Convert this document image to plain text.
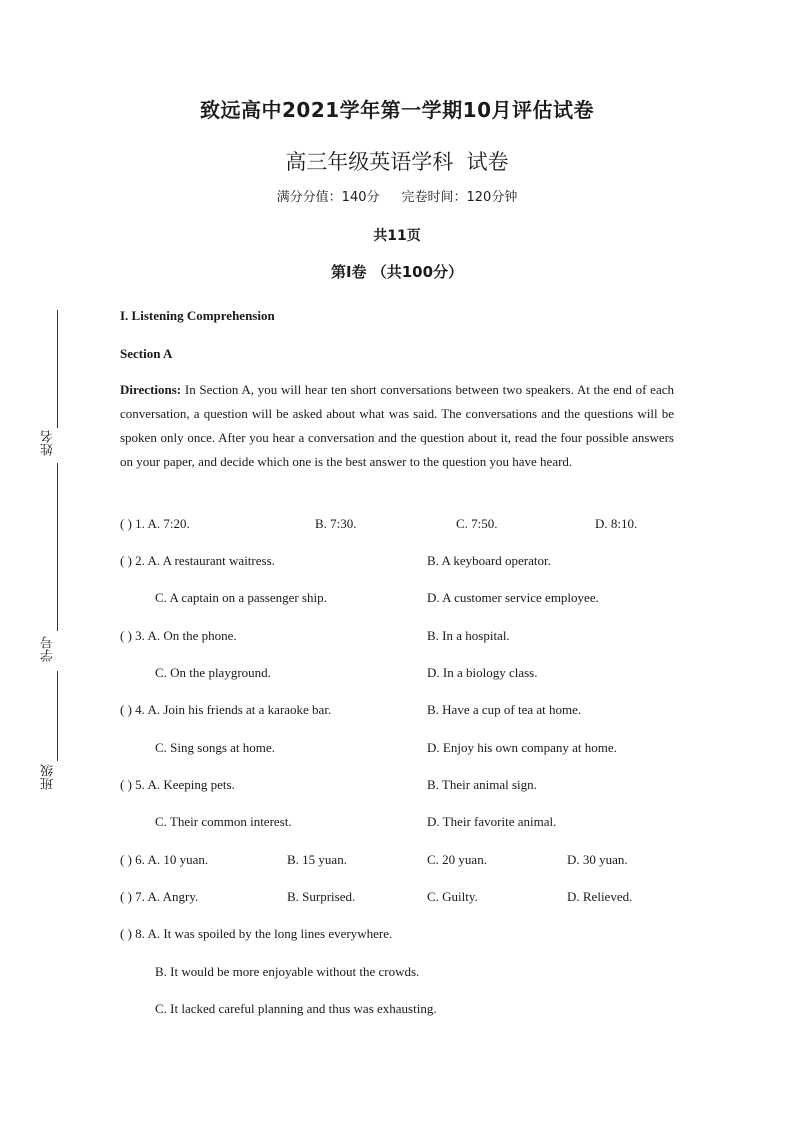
姓名
学号
班级
致远高中2021学年第一学期10月评估试卷
高三年级英语学科  试卷
满分分值：140分 完卷时间：120分钟
共11页
第I卷 （共100分）
I. Listening Comprehension
Section A

Directions: In Section A, you will hear ten short conversations between two speakers. At the end of each conversation, a question will be asked about what was said. The conversations and the questions will be spoken only once. After you hear a conversation and the question about it, read the four possible answers on your paper, and decide which one is the best answer to the question you have heard.

( ) 1. A. 7:20.	B. 7:30.	C. 7:50.	D. 8:10.
( ) 2. A. A restaurant waitress.	B. A keyboard operator.
C. A captain on a passenger ship.	D. A customer service employee.
( ) 3. A. On the phone.	B. In a hospital.
C. On the playground.	D. In a biology class.
( ) 4. A. Join his friends at a karaoke bar.	B. Have a cup of tea at home.
C. Sing songs at home.	D. Enjoy his own company at home.
( ) 5. A. Keeping pets.	B. Their animal sign.
C. Their common interest.	D. Their favorite animal.
( ) 6. A. 10 yuan.	B. 15 yuan.	C. 20 yuan.	D. 30 yuan.
( ) 7. A. Angry.	B. Surprised.	C. Guilty.	D. Relieved.
( ) 8. A. It was spoiled by the long lines everywhere.
B. It would be more enjoyable without the crowds.
C. It lacked careful planning and thus was exhausting.
